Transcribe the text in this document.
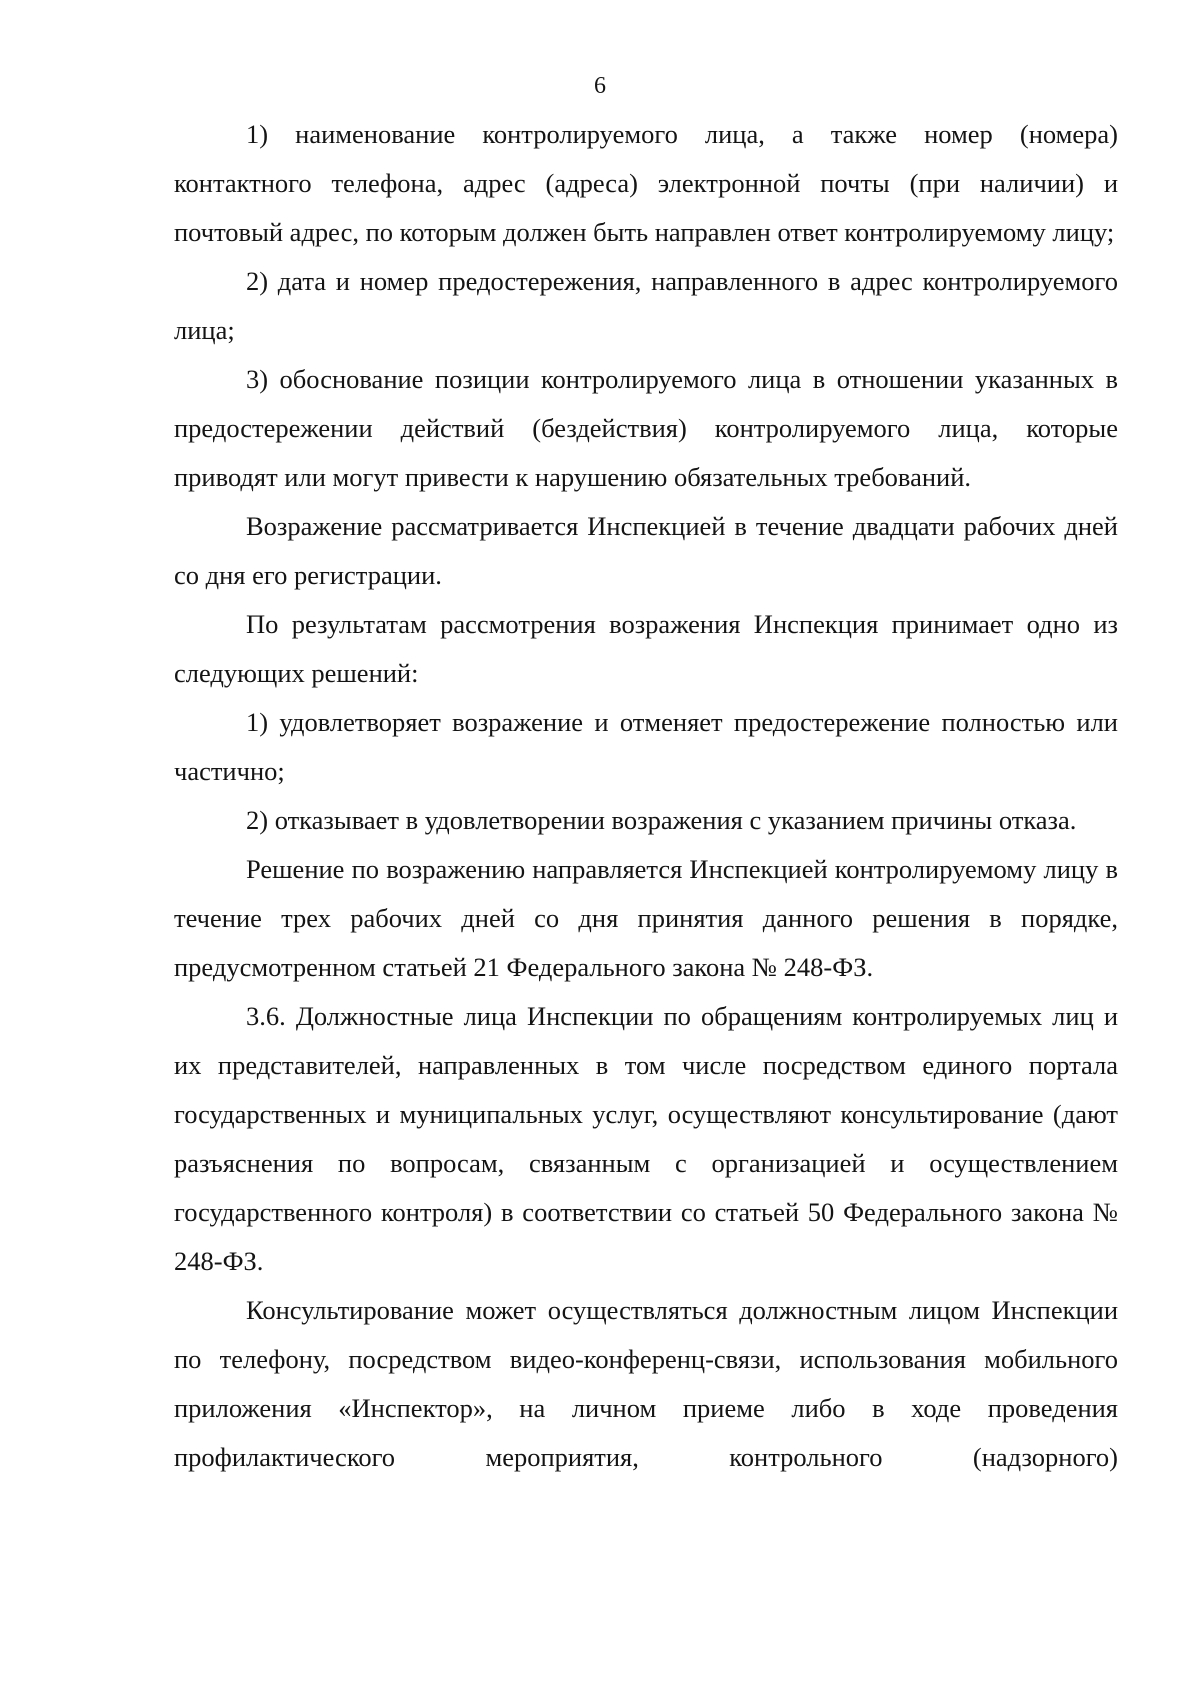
6

1) наименование контролируемого лица, а также номер (номера) контактного телефона, адрес (адреса) электронной почты (при наличии) и почтовый адрес, по которым должен быть направлен ответ контролируемому лицу;

2) дата и номер предостережения, направленного в адрес контролируемого лица;

3) обоснование позиции контролируемого лица в отношении указанных в предостережении действий (бездействия) контролируемого лица, которые приводят или могут привести к нарушению обязательных требований.

Возражение рассматривается Инспекцией в течение двадцати рабочих дней со дня его регистрации.

По результатам рассмотрения возражения Инспекция принимает одно из следующих решений:

1) удовлетворяет возражение и отменяет предостережение полностью или частично;

2) отказывает в удовлетворении возражения с указанием причины отказа.

Решение по возражению направляется Инспекцией контролируемому лицу в течение трех рабочих дней со дня принятия данного решения в порядке, предусмотренном статьей 21 Федерального закона № 248-ФЗ.

3.6. Должностные лица Инспекции по обращениям контролируемых лиц и их представителей, направленных в том числе посредством единого портала государственных и муниципальных услуг, осуществляют консультирование (дают разъяснения по вопросам, связанным с организацией и осуществлением государственного контроля) в соответствии со статьей 50 Федерального закона № 248-ФЗ.

Консультирование может осуществляться должностным лицом Инспекции по телефону, посредством видео-конференц-связи, использования мобильного приложения «Инспектор», на личном приеме либо в ходе проведения профилактического мероприятия, контрольного (надзорного)
